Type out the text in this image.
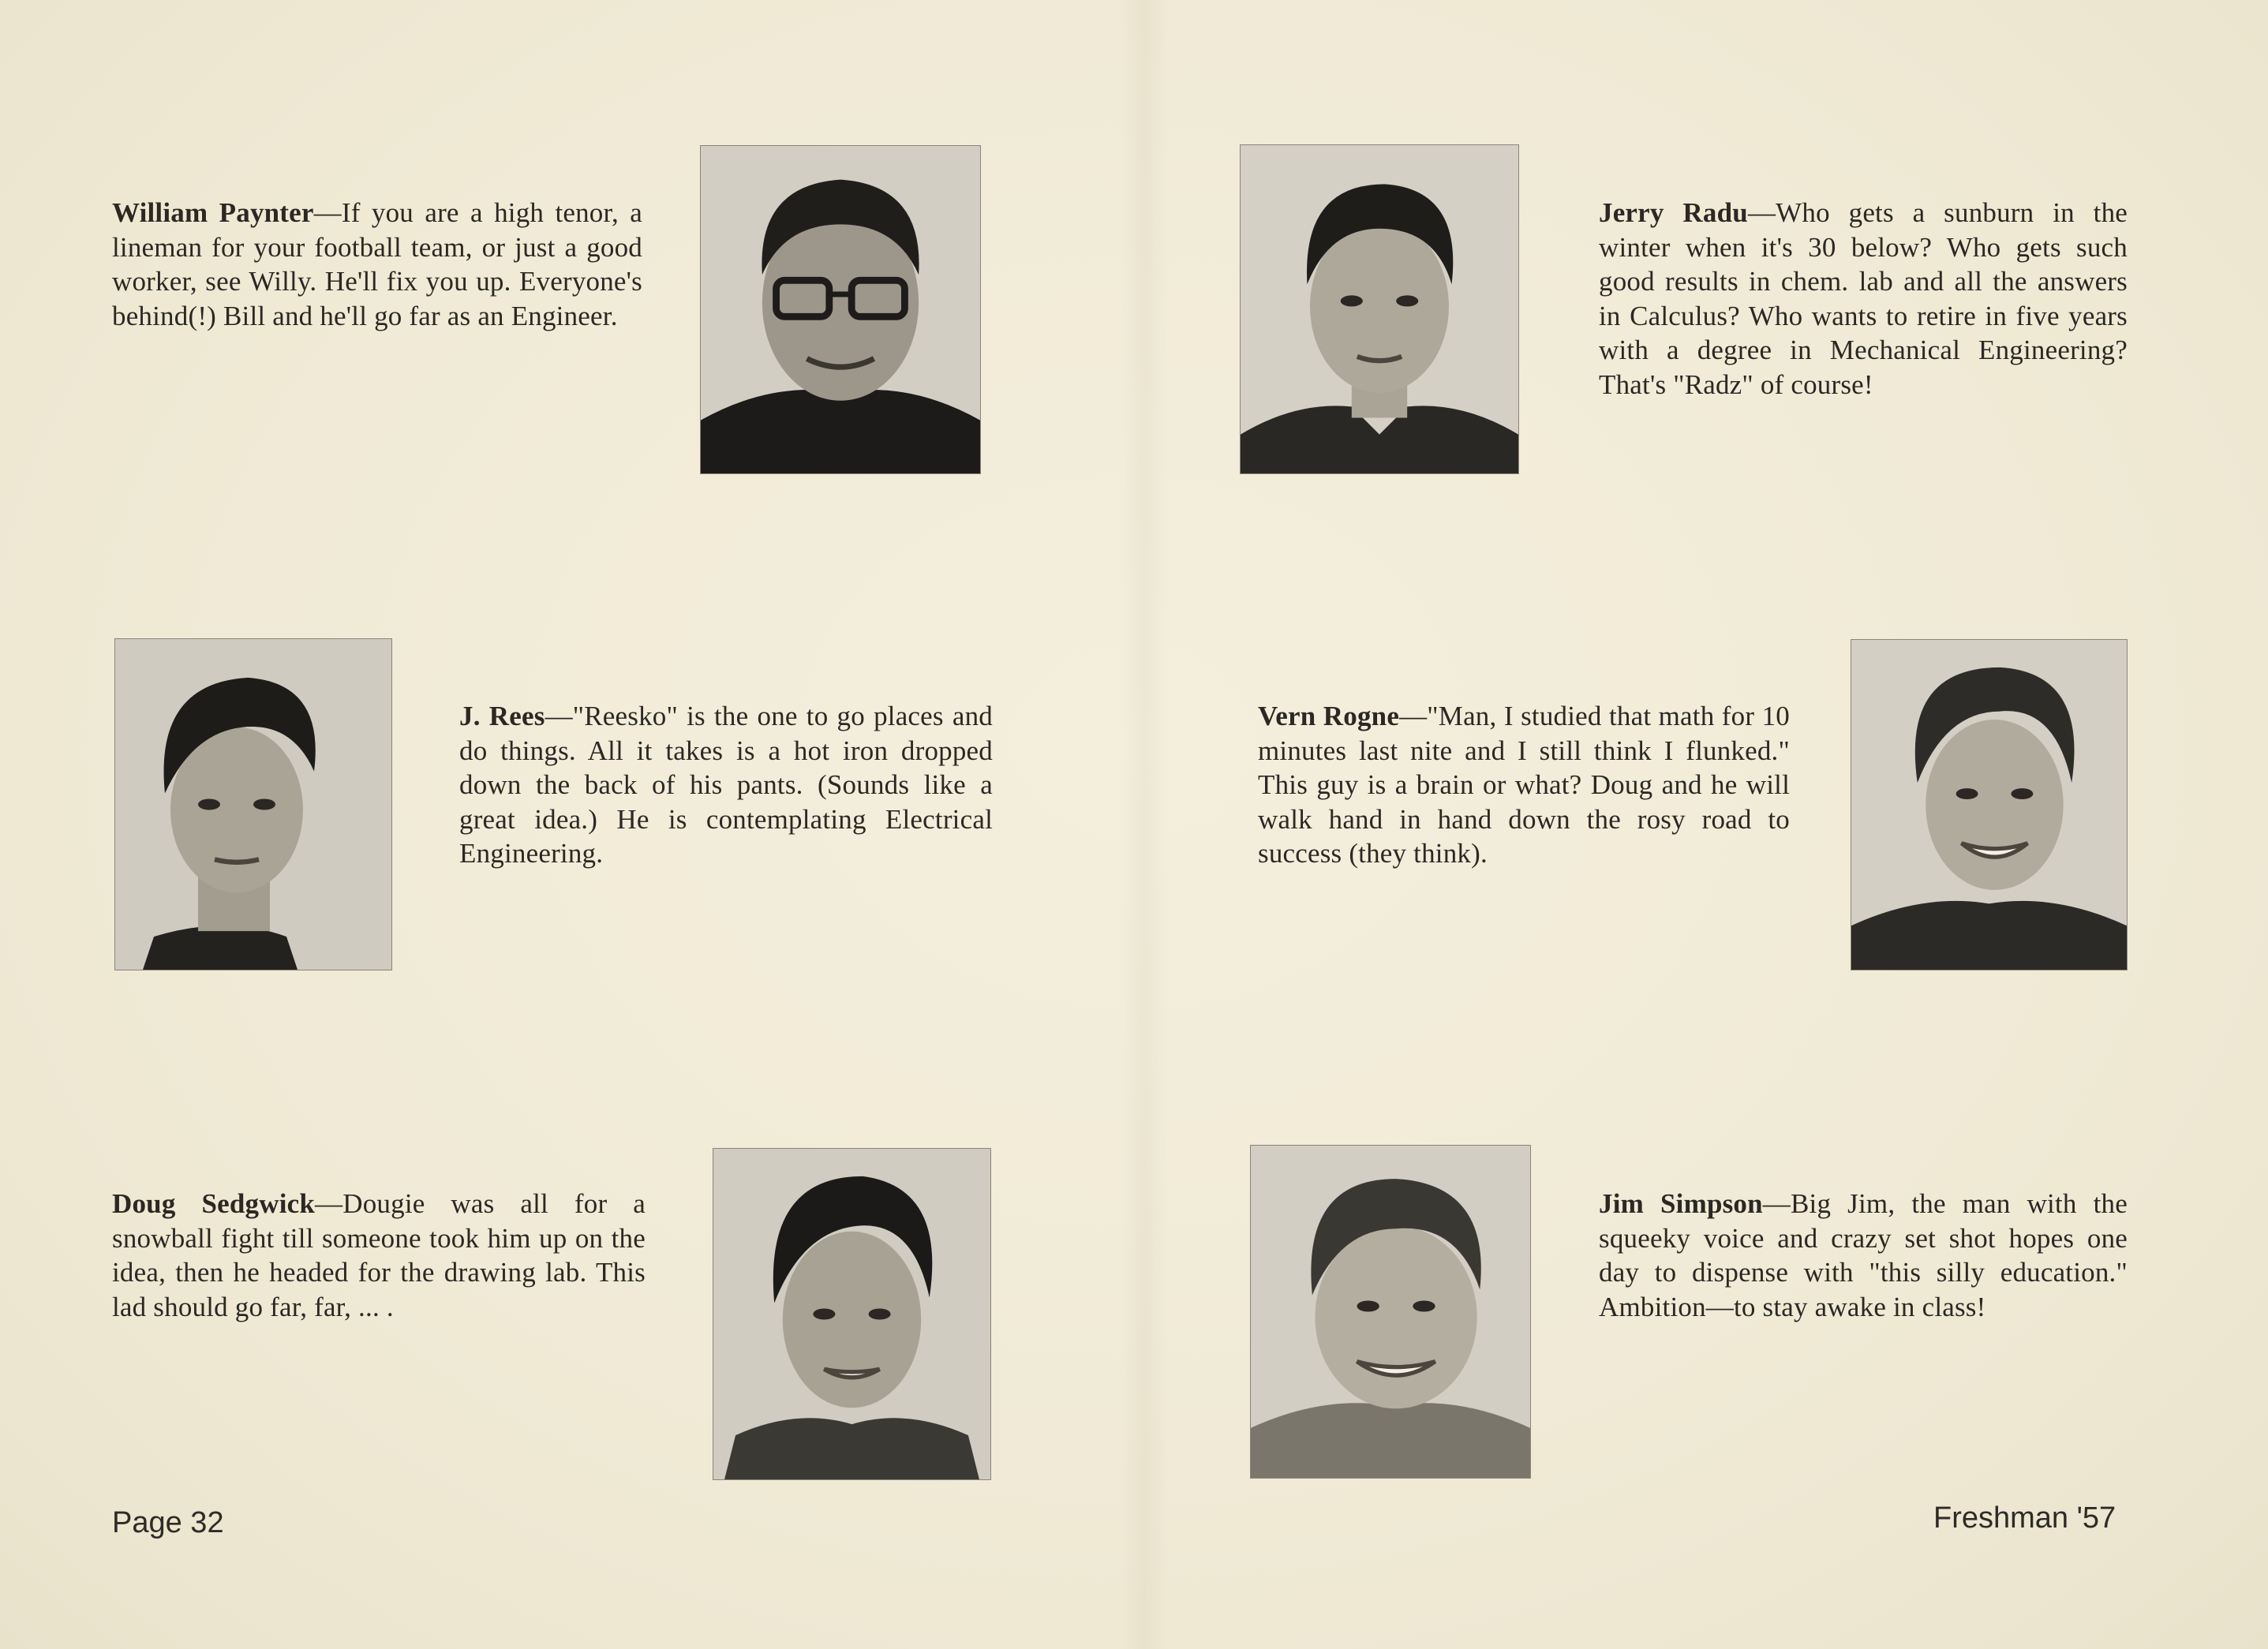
William Paynter—If you are a high tenor, a lineman for your football team, or just a good worker, see Willy. He'll fix you up. Everyone's behind(!) Bill and he'll go far as an Engineer.
Jerry Radu—Who gets a sunburn in the winter when it's 30 below? Who gets such good results in chem. lab and all the answers in Calculus? Who wants to retire in five years with a degree in Mechanical Engineering? That's "Radz" of course!
J. Rees—"Reesko" is the one to go places and do things. All it takes is a hot iron dropped down the back of his pants. (Sounds like a great idea.) He is contemplating Electrical Engineering.
Vern Rogne—"Man, I studied that math for 10 minutes last nite and I still think I flunked." This guy is a brain or what? Doug and he will walk hand in hand down the rosy road to success (they think).
Doug Sedgwick—Dougie was all for a snowball fight till someone took him up on the idea, then he headed for the drawing lab. This lad should go far, far, ... .
Jim Simpson—Big Jim, the man with the squeeky voice and crazy set shot hopes one day to dispense with "this silly education." Ambition—to stay awake in class!
Page 32	Freshman '57
